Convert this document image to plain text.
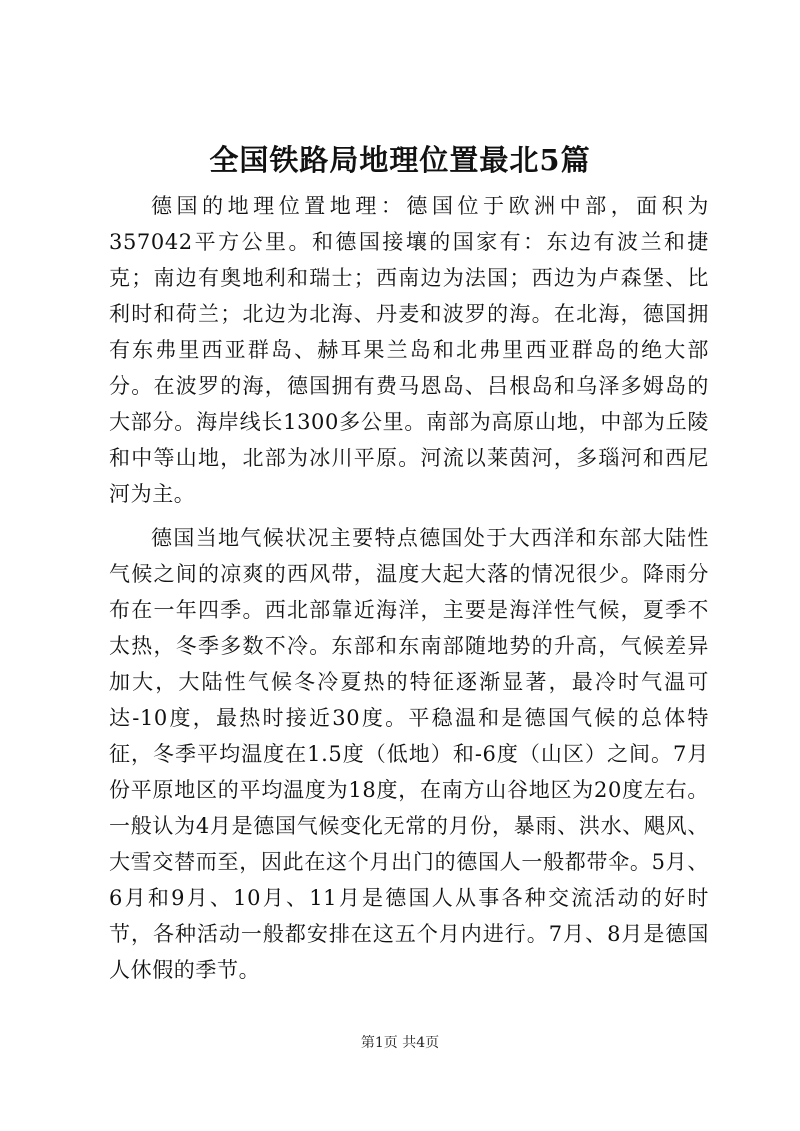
全国铁路局地理位置最北5篇

德国的地理位置地理：德国位于欧洲中部，面积为357042平方公里。和德国接壤的国家有：东边有波兰和捷克；南边有奥地利和瑞士；西南边为法国；西边为卢森堡、比利时和荷兰；北边为北海、丹麦和波罗的海。在北海，德国拥有东弗里西亚群岛、赫耳果兰岛和北弗里西亚群岛的绝大部分。在波罗的海，德国拥有费马恩岛、吕根岛和乌泽多姆岛的大部分。海岸线长1300多公里。南部为高原山地，中部为丘陵和中等山地，北部为冰川平原。河流以莱茵河，多瑙河和西尼河为主。

德国当地气候状况主要特点德国处于大西洋和东部大陆性气候之间的凉爽的西风带，温度大起大落的情况很少。降雨分布在一年四季。西北部靠近海洋，主要是海洋性气候，夏季不太热，冬季多数不冷。东部和东南部随地势的升高，气候差异加大，大陆性气候冬冷夏热的特征逐渐显著，最冷时气温可达-10度，最热时接近30度。平稳温和是德国气候的总体特征，冬季平均温度在1.5度（低地）和-6度（山区）之间。7月份平原地区的平均温度为18度，在南方山谷地区为20度左右。一般认为4月是德国气候变化无常的月份，暴雨、洪水、飓风、大雪交替而至，因此在这个月出门的德国人一般都带伞。5月、6月和9月、10月、11月是德国人从事各种交流活动的好时节，各种活动一般都安排在这五个月内进行。7月、8月是德国人休假的季节。

第1页 共4页
